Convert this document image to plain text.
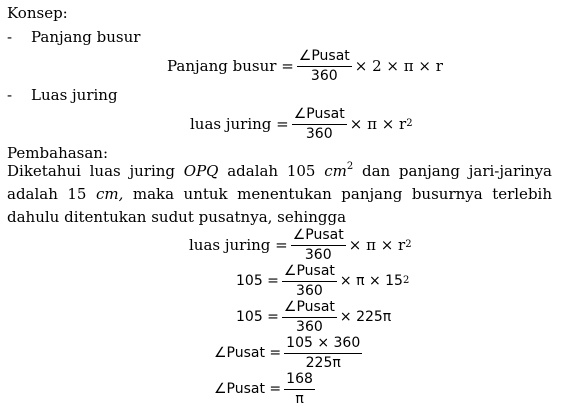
Konsep:
- Panjang busur
Panjang busur = $\frac{\text{∠Pusat}}{360} \times 2 \times \pi \times r$
- Luas juring
luas juring = $\frac{\text{∠Pusat}}{360} \times \pi \times r$ 2
Pembahasan:
Diketahui luas juring OPQ adalah 105 $cm^2$ dan panjang jari-jarinya adalah 15 cm, maka untuk menentukan panjang busurnya terlebih dahulu ditentukan sudut pusatnya, sehingga
luas juring = $\frac{\text{∠Pusat}}{360} \times \pi \times r$ 2
$105 = \frac{\text{∠Pusat}}{360} \times \pi \times 15$ 2
$105 = \frac{\text{∠Pusat}}{360} \times 225\pi$
∠Pusat = $\frac{105 \times 360}{225\pi}$
∠Pusat = $\frac{168}{\pi}$
